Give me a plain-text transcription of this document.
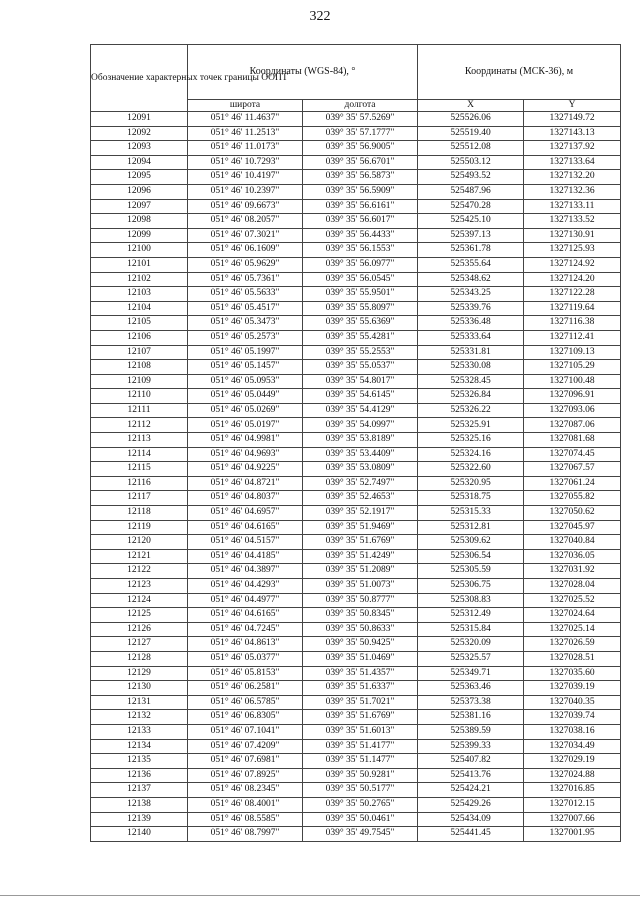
322
Обозначение характерных точек границы ООПТ	Координаты (WGS-84), °		Координаты (МСК-36), м	
	широта	долгота	X	Y
12091	051° 46' 11.4637"	039° 35' 57.5269"	525526.06	1327149.72
12092	051° 46' 11.2513"	039° 35' 57.1777"	525519.40	1327143.13
12093	051° 46' 11.0173"	039° 35' 56.9005"	525512.08	1327137.92
12094	051° 46' 10.7293"	039° 35' 56.6701"	525503.12	1327133.64
12095	051° 46' 10.4197"	039° 35' 56.5873"	525493.52	1327132.20
12096	051° 46' 10.2397"	039° 35' 56.5909"	525487.96	1327132.36
12097	051° 46' 09.6673"	039° 35' 56.6161"	525470.28	1327133.11
12098	051° 46' 08.2057"	039° 35' 56.6017"	525425.10	1327133.52
12099	051° 46' 07.3021"	039° 35' 56.4433"	525397.13	1327130.91
12100	051° 46' 06.1609"	039° 35' 56.1553"	525361.78	1327125.93
12101	051° 46' 05.9629"	039° 35' 56.0977"	525355.64	1327124.92
12102	051° 46' 05.7361"	039° 35' 56.0545"	525348.62	1327124.20
12103	051° 46' 05.5633"	039° 35' 55.9501"	525343.25	1327122.28
12104	051° 46' 05.4517"	039° 35' 55.8097"	525339.76	1327119.64
12105	051° 46' 05.3473"	039° 35' 55.6369"	525336.48	1327116.38
12106	051° 46' 05.2573"	039° 35' 55.4281"	525333.64	1327112.41
12107	051° 46' 05.1997"	039° 35' 55.2553"	525331.81	1327109.13
12108	051° 46' 05.1457"	039° 35' 55.0537"	525330.08	1327105.29
12109	051° 46' 05.0953"	039° 35' 54.8017"	525328.45	1327100.48
12110	051° 46' 05.0449"	039° 35' 54.6145"	525326.84	1327096.91
12111	051° 46' 05.0269"	039° 35' 54.4129"	525326.22	1327093.06
12112	051° 46' 05.0197"	039° 35' 54.0997"	525325.91	1327087.06
12113	051° 46' 04.9981"	039° 35' 53.8189"	525325.16	1327081.68
12114	051° 46' 04.9693"	039° 35' 53.4409"	525324.16	1327074.45
12115	051° 46' 04.9225"	039° 35' 53.0809"	525322.60	1327067.57
12116	051° 46' 04.8721"	039° 35' 52.7497"	525320.95	1327061.24
12117	051° 46' 04.8037"	039° 35' 52.4653"	525318.75	1327055.82
12118	051° 46' 04.6957"	039° 35' 52.1917"	525315.33	1327050.62
12119	051° 46' 04.6165"	039° 35' 51.9469"	525312.81	1327045.97
12120	051° 46' 04.5157"	039° 35' 51.6769"	525309.62	1327040.84
12121	051° 46' 04.4185"	039° 35' 51.4249"	525306.54	1327036.05
12122	051° 46' 04.3897"	039° 35' 51.2089"	525305.59	1327031.92
12123	051° 46' 04.4293"	039° 35' 51.0073"	525306.75	1327028.04
12124	051° 46' 04.4977"	039° 35' 50.8777"	525308.83	1327025.52
12125	051° 46' 04.6165"	039° 35' 50.8345"	525312.49	1327024.64
12126	051° 46' 04.7245"	039° 35' 50.8633"	525315.84	1327025.14
12127	051° 46' 04.8613"	039° 35' 50.9425"	525320.09	1327026.59
12128	051° 46' 05.0377"	039° 35' 51.0469"	525325.57	1327028.51
12129	051° 46' 05.8153"	039° 35' 51.4357"	525349.71	1327035.60
12130	051° 46' 06.2581"	039° 35' 51.6337"	525363.46	1327039.19
12131	051° 46' 06.5785"	039° 35' 51.7021"	525373.38	1327040.35
12132	051° 46' 06.8305"	039° 35' 51.6769"	525381.16	1327039.74
12133	051° 46' 07.1041"	039° 35' 51.6013"	525389.59	1327038.16
12134	051° 46' 07.4209"	039° 35' 51.4177"	525399.33	1327034.49
12135	051° 46' 07.6981"	039° 35' 51.1477"	525407.82	1327029.19
12136	051° 46' 07.8925"	039° 35' 50.9281"	525413.76	1327024.88
12137	051° 46' 08.2345"	039° 35' 50.5177"	525424.21	1327016.85
12138	051° 46' 08.4001"	039° 35' 50.2765"	525429.26	1327012.15
12139	051° 46' 08.5585"	039° 35' 50.0461"	525434.09	1327007.66
12140	051° 46' 08.7997"	039° 35' 49.7545"	525441.45	1327001.95
